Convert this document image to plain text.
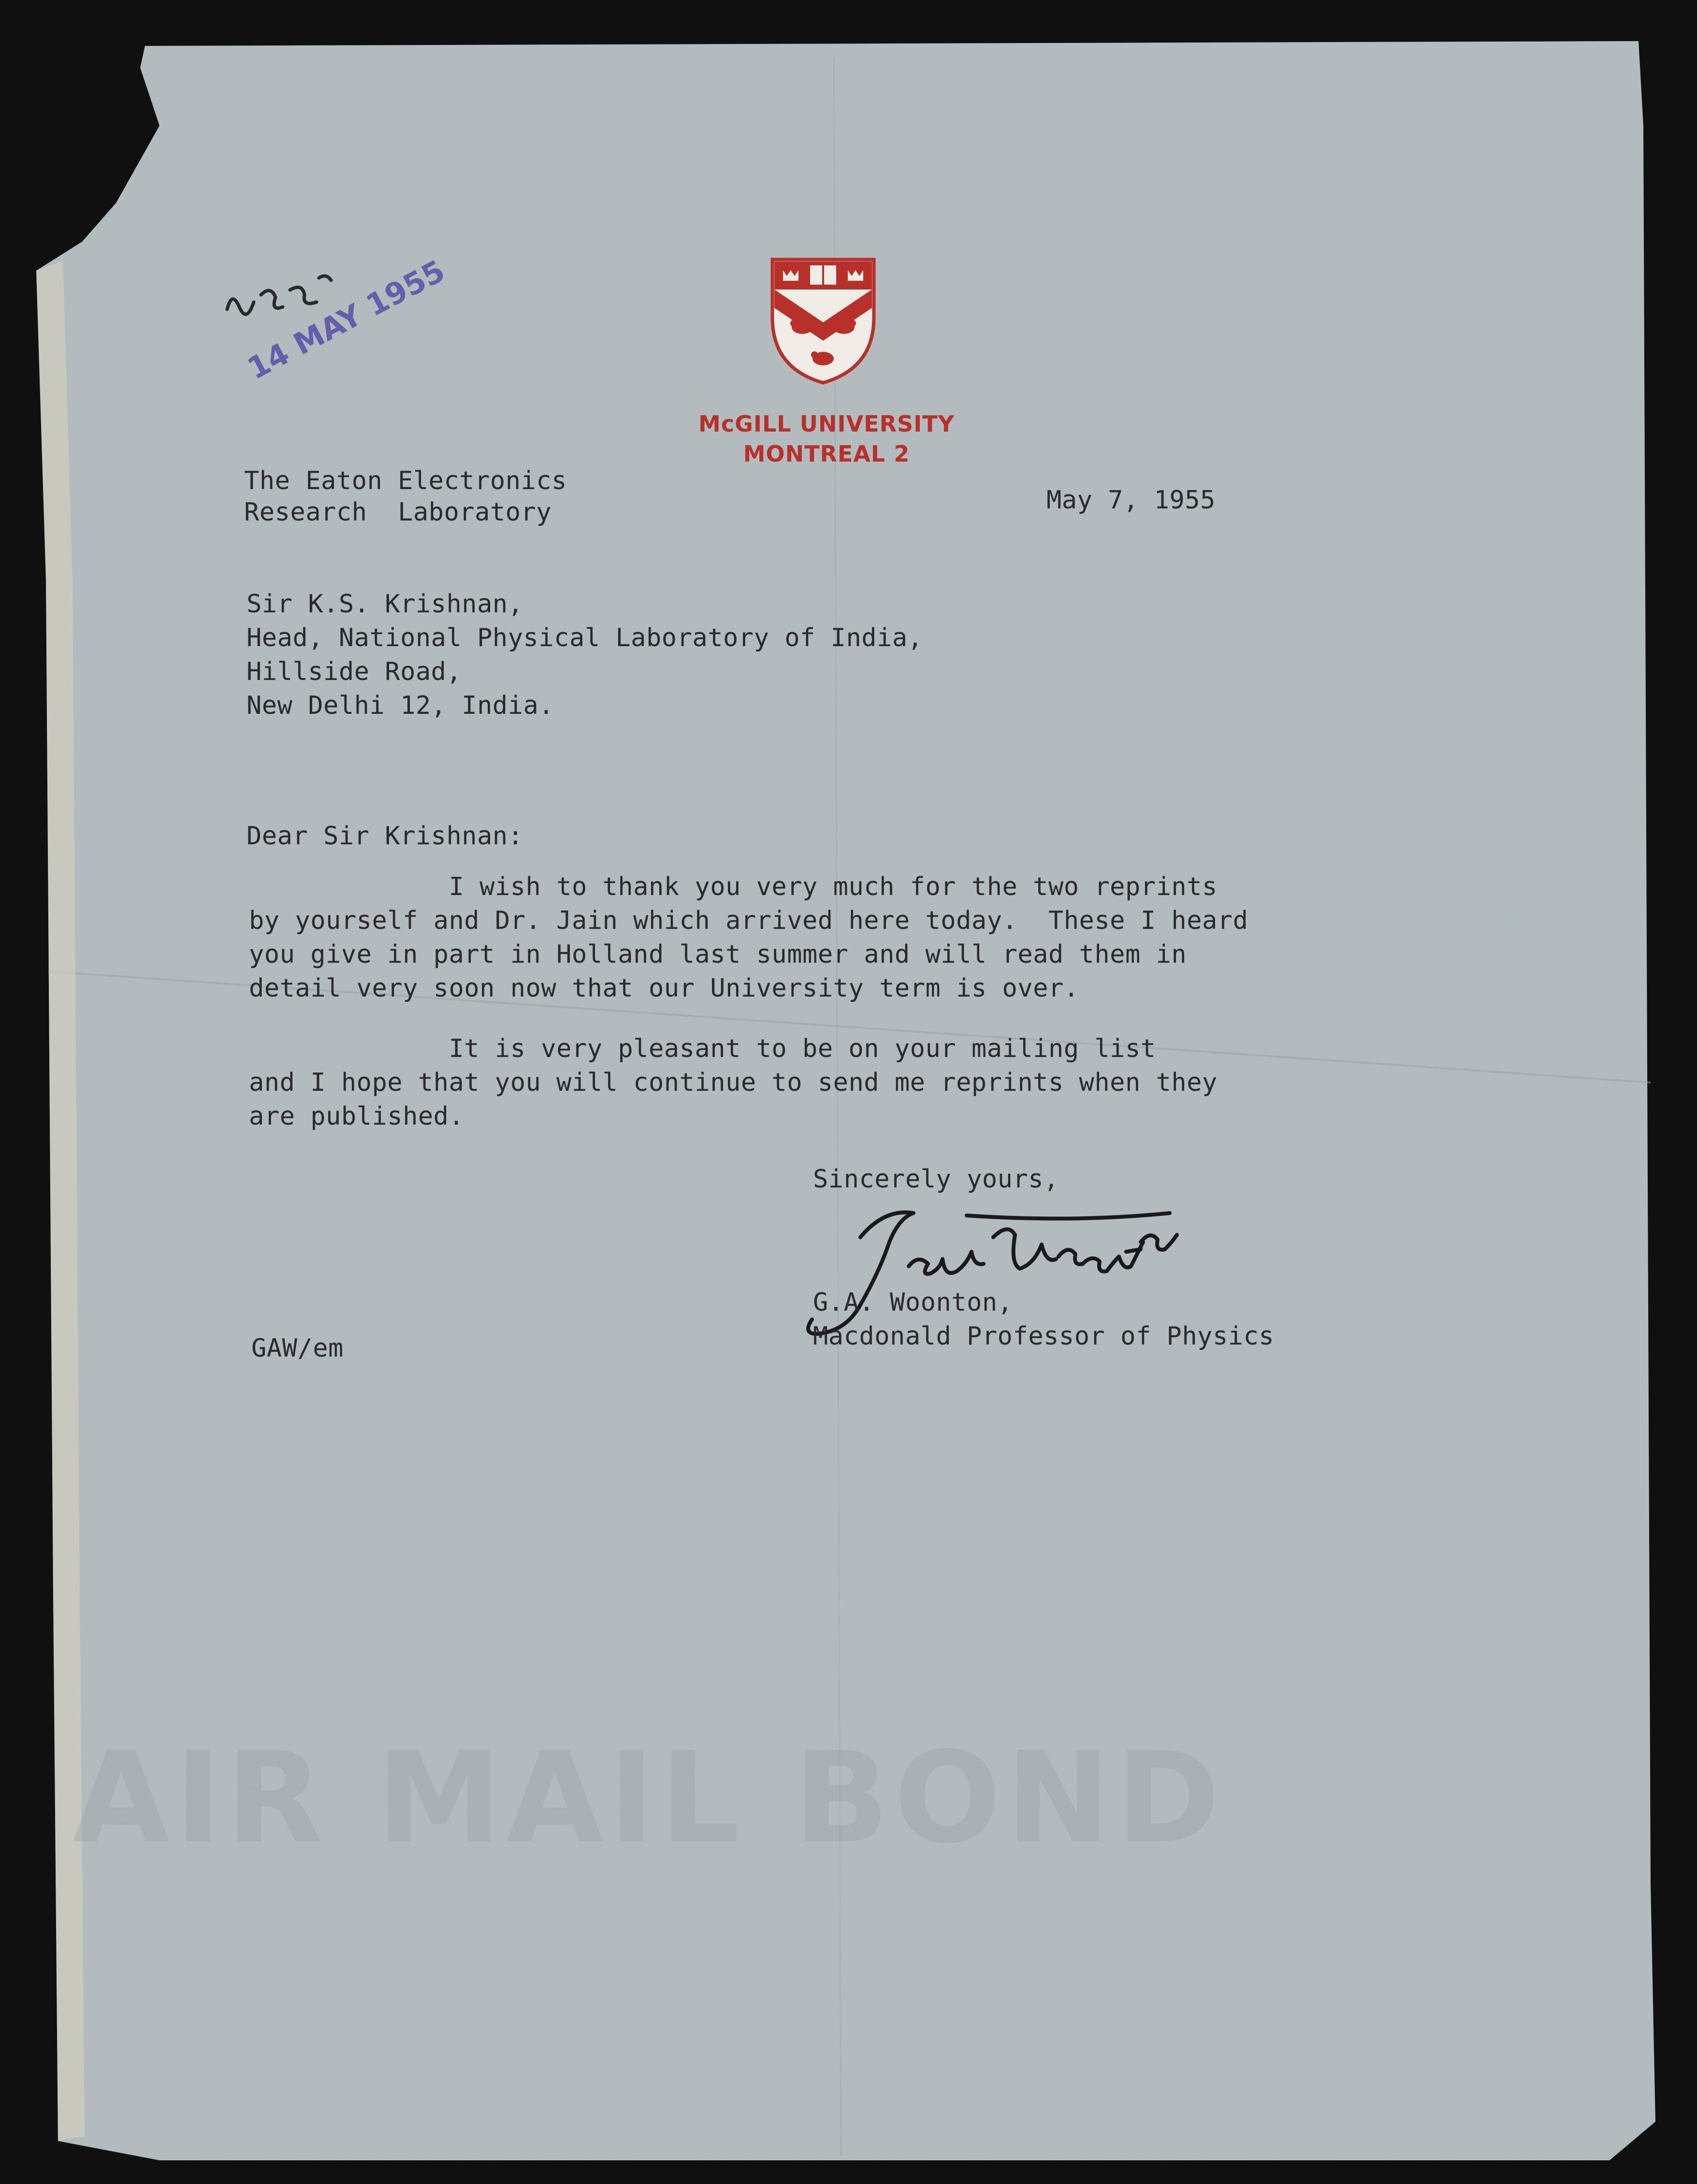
AIR MAIL BOND
14 MAY 1955
McGILL UNIVERSITY
MONTREAL 2
The Eaton Electronics
Research  Laboratory	May 7, 1955
Sir K.S. Krishnan,
Head, National Physical Laboratory of India,
Hillside Road,
New Delhi 12, India.
Dear Sir Krishnan:
I wish to thank you very much for the two reprints
by yourself and Dr. Jain which arrived here today.  These I heard
you give in part in Holland last summer and will read them in
detail very soon now that our University term is over.
It is very pleasant to be on your mailing list
and I hope that you will continue to send me reprints when they
are published.
Sincerely yours,
G.A. Woonton,
Macdonald Professor of Physics
GAW/em
